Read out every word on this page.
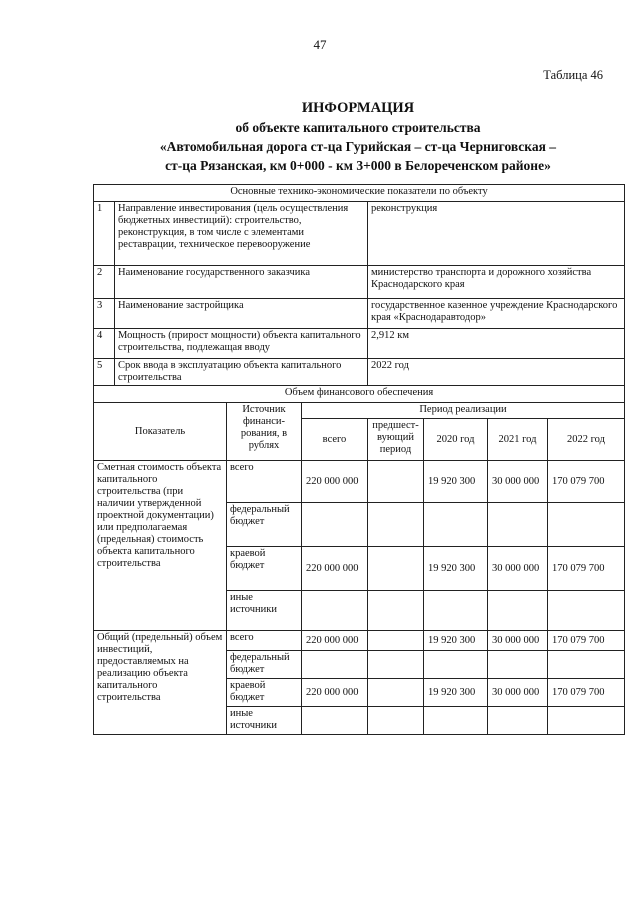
47
Таблица 46
ИНФОРМАЦИЯ
об объекте капитального строительства
«Автомобильная дорога ст-ца Гурийская – ст-ца Черниговская –
ст-ца Рязанская, км 0+000 - км 3+000 в Белореченском районе»
Основные технико-экономические показатели по объекту							
1	Направление инвестирования (цель осуществления бюджетных инвестиций): строительство, реконструкция, в том числе с элементами реставрации, техническое перевооружение			реконструкция			
2	Наименование государственного заказчика			министерство транспорта и дорожного хозяйства Краснодарского края			
3	Наименование застройщика			государственное казенное учреждение Краснодарского края «Краснодаравтодор»			
4	Мощность (прирост мощности) объекта капитального строительства, подлежащая вводу			2,912 км			
5	Срок ввода в эксплуатацию объекта капитального строительства			2022 год			
Объем финансового обеспечения							
Показатель		Источник финанси-рования, в рублях	Период реализации				
			всего	предшест-вующий период	2020 год	2021 год	2022 год
Сметная стоимость объекта капитального строительства (при наличии утвержденной проектной документации) или предполагаемая (предельная) стоимость объекта капитального строительства		всего	220 000 000		19 920 300	30 000 000	170 079 700
		федеральный бюджет					
		краевой бюджет	220 000 000		19 920 300	30 000 000	170 079 700
		иные источники					
Общий (предельный) объем инвестиций, предоставляемых на реализацию объекта капитального строительства		всего	220 000 000		19 920 300	30 000 000	170 079 700
		федеральный бюджет					
		краевой бюджет	220 000 000		19 920 300	30 000 000	170 079 700
		иные источники					
